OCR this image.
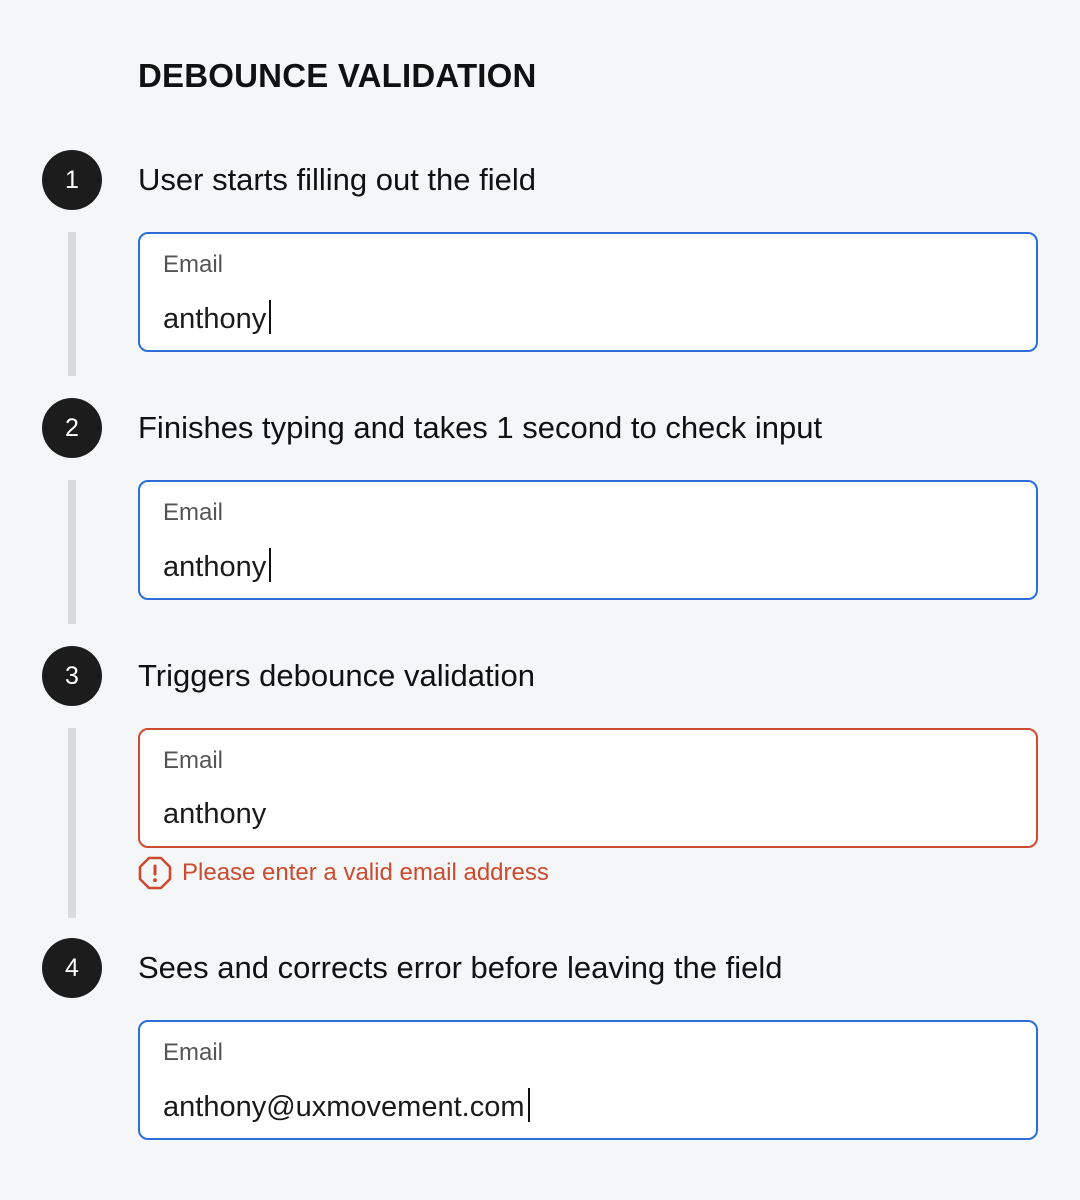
DEBOUNCE VALIDATION
1	User starts filling out the field
Email
anthony
2	Finishes typing and takes 1 second to check input
Email
anthony
3	Triggers debounce validation
Email
anthony
Please enter a valid email address
4	Sees and corrects error before leaving the field
Email
anthony@uxmovement.com
